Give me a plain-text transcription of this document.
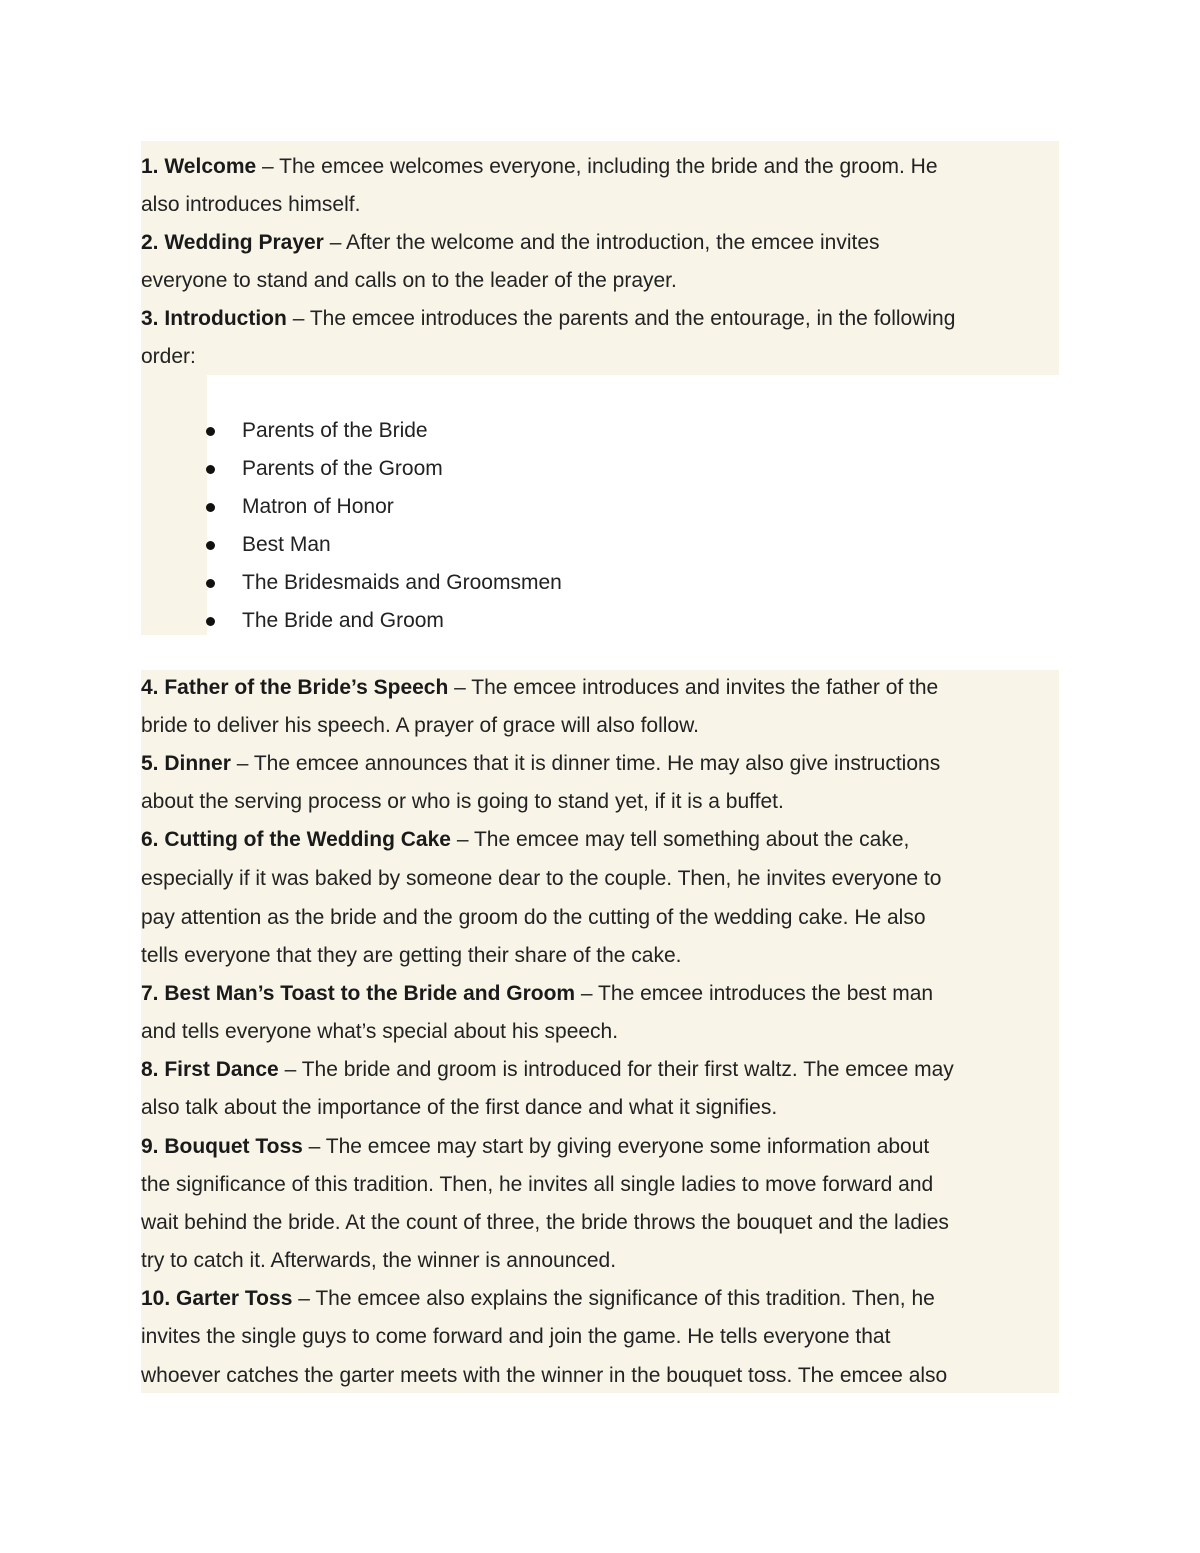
1. Welcome – The emcee welcomes everyone, including the bride and the groom. He
also introduces himself.
2. Wedding Prayer – After the welcome and the introduction, the emcee invites
everyone to stand and calls on to the leader of the prayer.
3. Introduction – The emcee introduces the parents and the entourage, in the following
order:
Parents of the Bride
Parents of the Groom
Matron of Honor
Best Man
The Bridesmaids and Groomsmen
The Bride and Groom
4. Father of the Bride’s Speech – The emcee introduces and invites the father of the
bride to deliver his speech. A prayer of grace will also follow.
5. Dinner – The emcee announces that it is dinner time. He may also give instructions
about the serving process or who is going to stand yet, if it is a buffet.
6. Cutting of the Wedding Cake – The emcee may tell something about the cake,
especially if it was baked by someone dear to the couple. Then, he invites everyone to
pay attention as the bride and the groom do the cutting of the wedding cake. He also
tells everyone that they are getting their share of the cake.
7. Best Man’s Toast to the Bride and Groom – The emcee introduces the best man
and tells everyone what’s special about his speech.
8. First Dance – The bride and groom is introduced for their first waltz. The emcee may
also talk about the importance of the first dance and what it signifies.
9. Bouquet Toss – The emcee may start by giving everyone some information about
the significance of this tradition. Then, he invites all single ladies to move forward and
wait behind the bride. At the count of three, the bride throws the bouquet and the ladies
try to catch it. Afterwards, the winner is announced.
10. Garter Toss – The emcee also explains the significance of this tradition. Then, he
invites the single guys to come forward and join the game. He tells everyone that
whoever catches the garter meets with the winner in the bouquet toss. The emcee also
